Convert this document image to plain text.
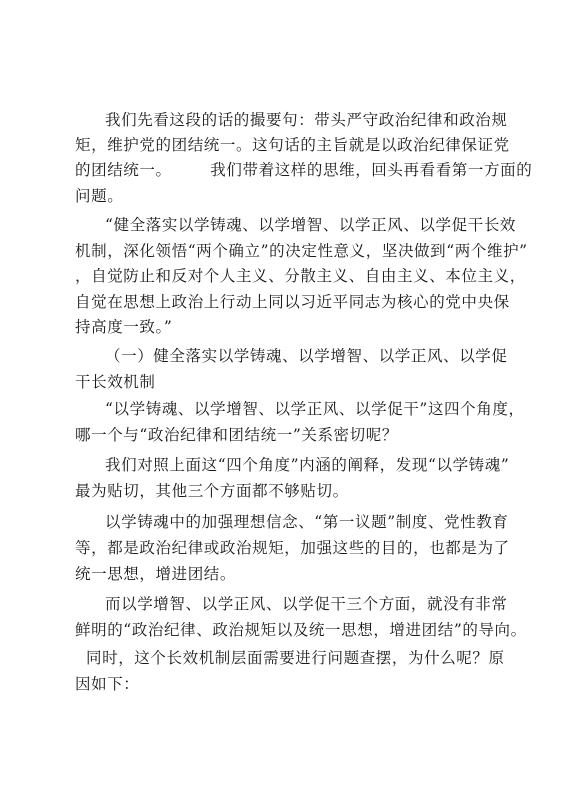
我们先看这段的话的撮要句：带头严守政治纪律和政治规
矩，维护党的团结统一。这句话的主旨就是以政治纪律保证党
的团结统一。       我们带着这样的思维，回头再看看第一方面的
问题。
“健全落实以学铸魂、以学增智、以学正风、以学促干长效
机制，深化领悟“两个确立”的决定性意义，坚决做到“两个维护”
，自觉防止和反对个人主义、分散主义、自由主义、本位主义，
自觉在思想上政治上行动上同以习近平同志为核心的党中央保
持高度一致。”
（一）健全落实以学铸魂、以学增智、以学正风、以学促
干长效机制
“以学铸魂、以学增智、以学正风、以学促干”这四个角度，
哪一个与“政治纪律和团结统一”关系密切呢？
我们对照上面这“四个角度”内涵的阐释，发现“以学铸魂”
最为贴切，其他三个方面都不够贴切。
以学铸魂中的加强理想信念、“第一议题”制度、党性教育
等，都是政治纪律或政治规矩，加强这些的目的，也都是为了
统一思想，增进团结。
而以学增智、以学正风、以学促干三个方面，就没有非常
鲜明的“政治纪律、政治规矩以及统一思想，增进团结”的导向。
同时，这个长效机制层面需要进行问题查摆，为什么呢？原
因如下：
